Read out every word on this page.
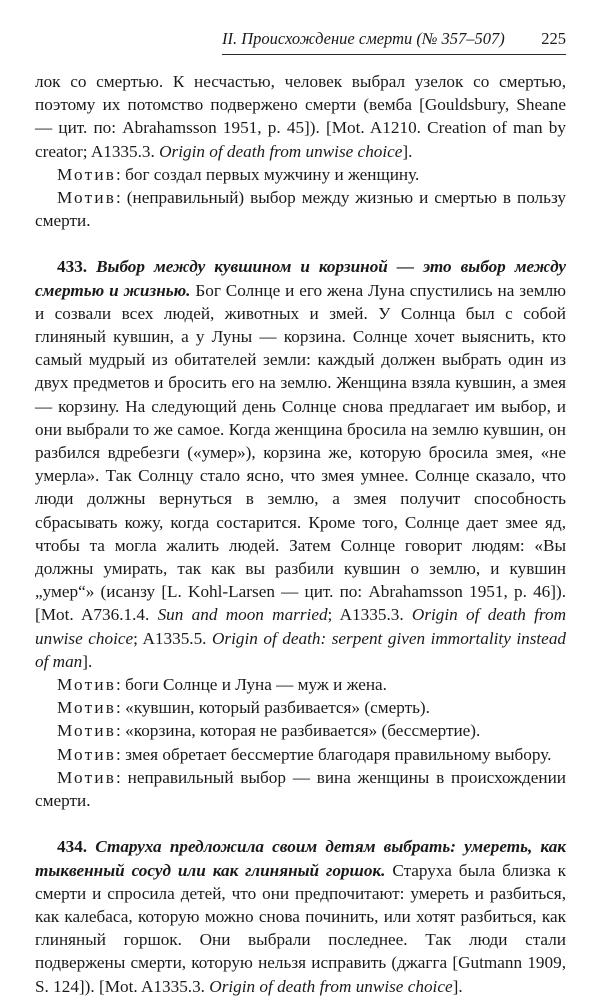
II. Происхождение смерти (№ 357–507) 225

лок со смертью. К несчастью, человек выбрал узелок со смертью, поэтому их потомство подвержено смерти (вемба [Gouldsbury, Sheane — цит. по: Abrahamsson 1951, p. 45]). [Mot. A1210. Creation of man by creator; A1335.3. Origin of death from unwise choice].

Мотив: бог создал первых мужчину и женщину.

Мотив: (неправильный) выбор между жизнью и смертью в пользу смерти.

433. Выбор между кувшином и корзиной — это выбор между смертью и жизнью. Бог Солнце и его жена Луна спустились на землю и созвали всех людей, животных и змей. У Солнца был с собой глиняный кувшин, а у Луны — корзина. Солнце хочет выяснить, кто самый мудрый из обитателей земли: каждый должен выбрать один из двух предметов и бросить его на землю. Женщина взяла кувшин, а змея — корзину. На следующий день Солнце снова предлагает им выбор, и они выбрали то же самое. Когда женщина бросила на землю кувшин, он разбился вдребезги («умер»), корзина же, которую бросила змея, «не умерла». Так Солнцу стало ясно, что змея умнее. Солнце сказало, что люди должны вернуться в землю, а змея получит способность сбрасывать кожу, когда состарится. Кроме того, Солнце дает змее яд, чтобы та могла жалить людей. Затем Солнце говорит людям: «Вы должны умирать, так как вы разбили кувшин о землю, и кувшин „умер“» (исанзу [L. Kohl-Larsen — цит. по: Abrahamsson 1951, p. 46]). [Mot. A736.1.4. Sun and moon married; A1335.3. Origin of death from unwise choice; A1335.5. Origin of death: serpent given immortality instead of man].

Мотив: боги Солнце и Луна — муж и жена.

Мотив: «кувшин, который разбивается» (смерть).

Мотив: «корзина, которая не разбивается» (бессмертие).

Мотив: змея обретает бессмертие благодаря правильному выбору.

Мотив: неправильный выбор — вина женщины в происхождении смерти.

434. Старуха предложила своим детям выбрать: умереть, как тыквенный сосуд или как глиняный горшок. Старуха была близка к смерти и спросила детей, что они предпочитают: умереть и разбиться, как калебаса, которую можно снова починить, или хотят разбиться, как глиняный горшок. Они выбрали последнее. Так люди стали подвержены смерти, которую нельзя исправить (джагга [Gutmann 1909, S. 124]). [Mot. A1335.3. Origin of death from unwise choice].
